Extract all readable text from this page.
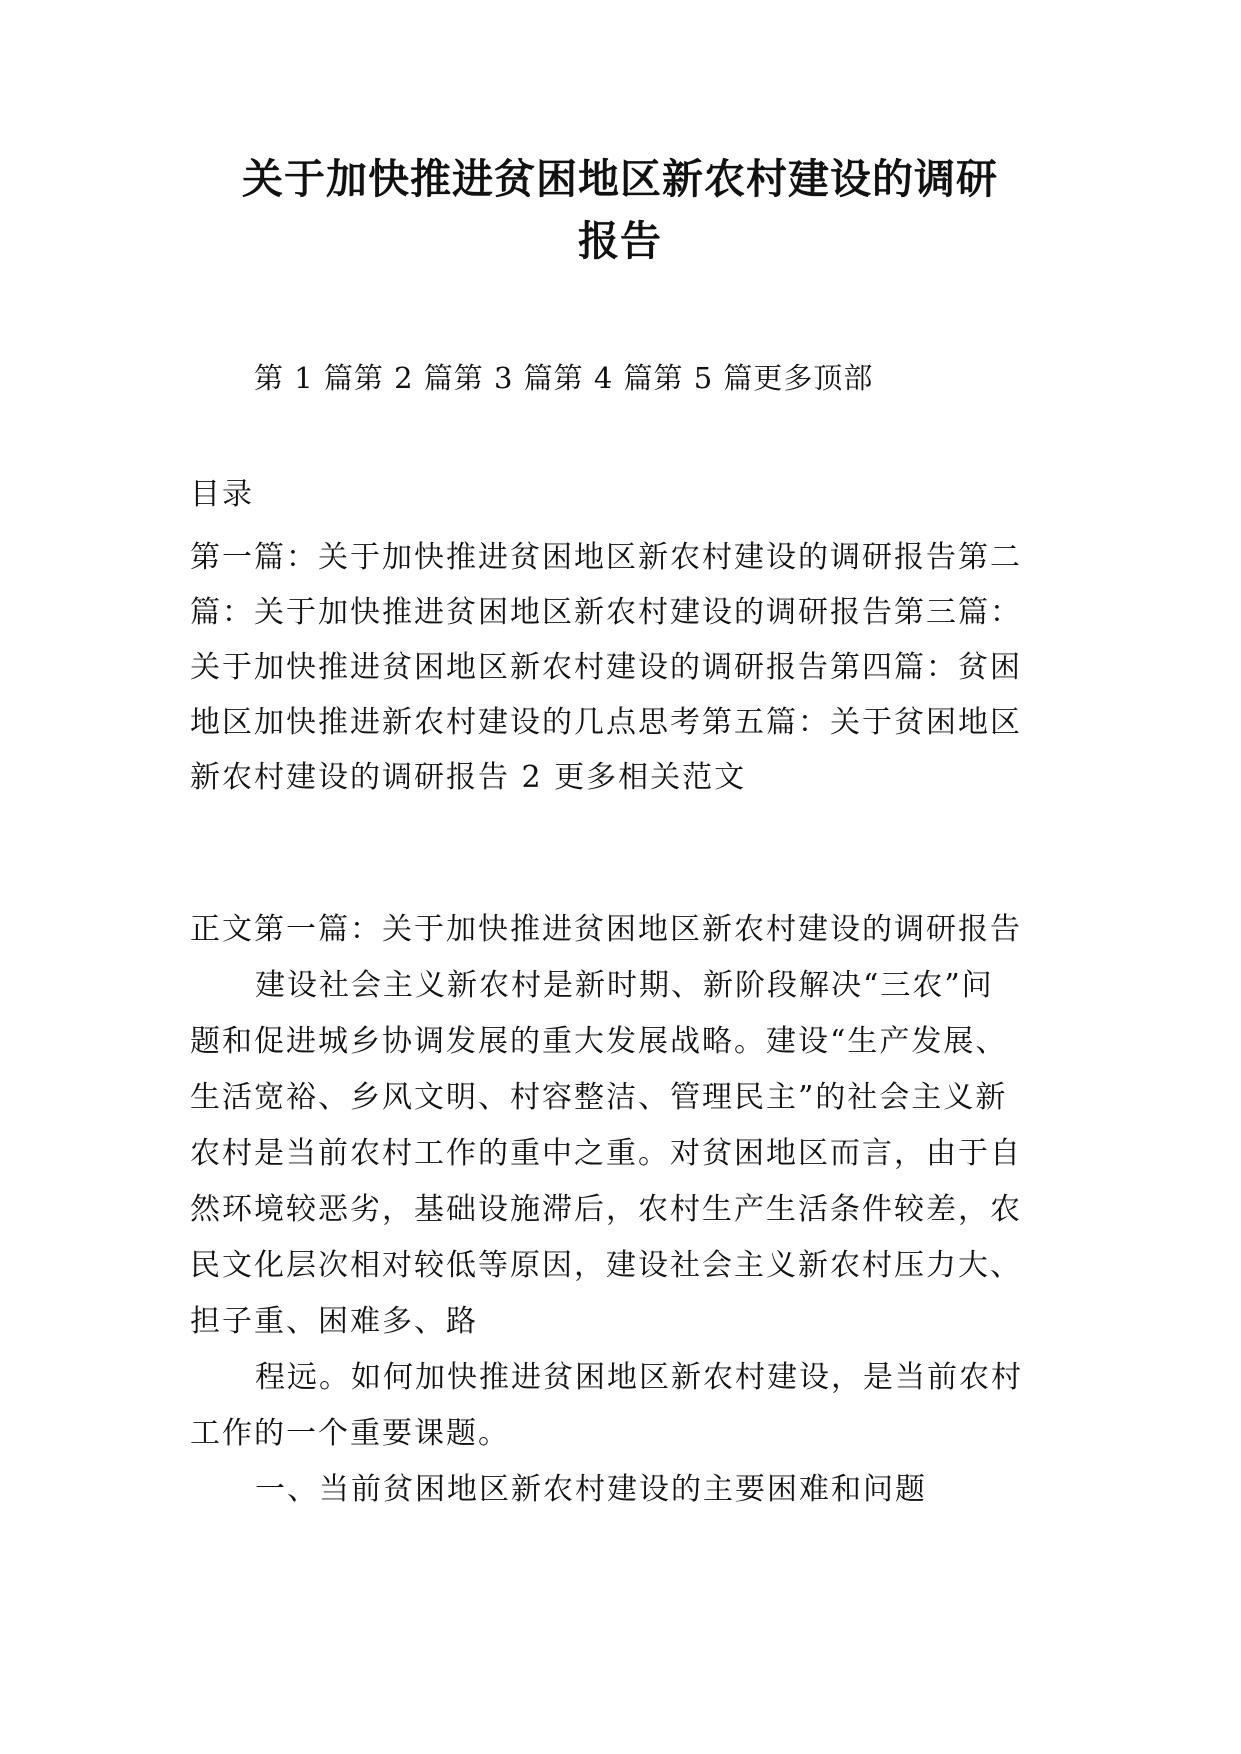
关于加快推进贫困地区新农村建设的调研
报告
第 1 篇第 2 篇第 3 篇第 4 篇第 5 篇更多顶部
目录
第一篇：关于加快推进贫困地区新农村建设的调研报告第二
篇：关于加快推进贫困地区新农村建设的调研报告第三篇：
关于加快推进贫困地区新农村建设的调研报告第四篇：贫困
地区加快推进新农村建设的几点思考第五篇：关于贫困地区
新农村建设的调研报告 2 更多相关范文
正文第一篇：关于加快推进贫困地区新农村建设的调研报告
建设社会主义新农村是新时期、新阶段解决“三农”问
题和促进城乡协调发展的重大发展战略。建设“生产发展、
生活宽裕、乡风文明、村容整洁、管理民主”的社会主义新
农村是当前农村工作的重中之重。对贫困地区而言，由于自
然环境较恶劣，基础设施滞后，农村生产生活条件较差，农
民文化层次相对较低等原因，建设社会主义新农村压力大、
担子重、困难多、路
程远。如何加快推进贫困地区新农村建设，是当前农村
工作的一个重要课题。
一、当前贫困地区新农村建设的主要困难和问题
